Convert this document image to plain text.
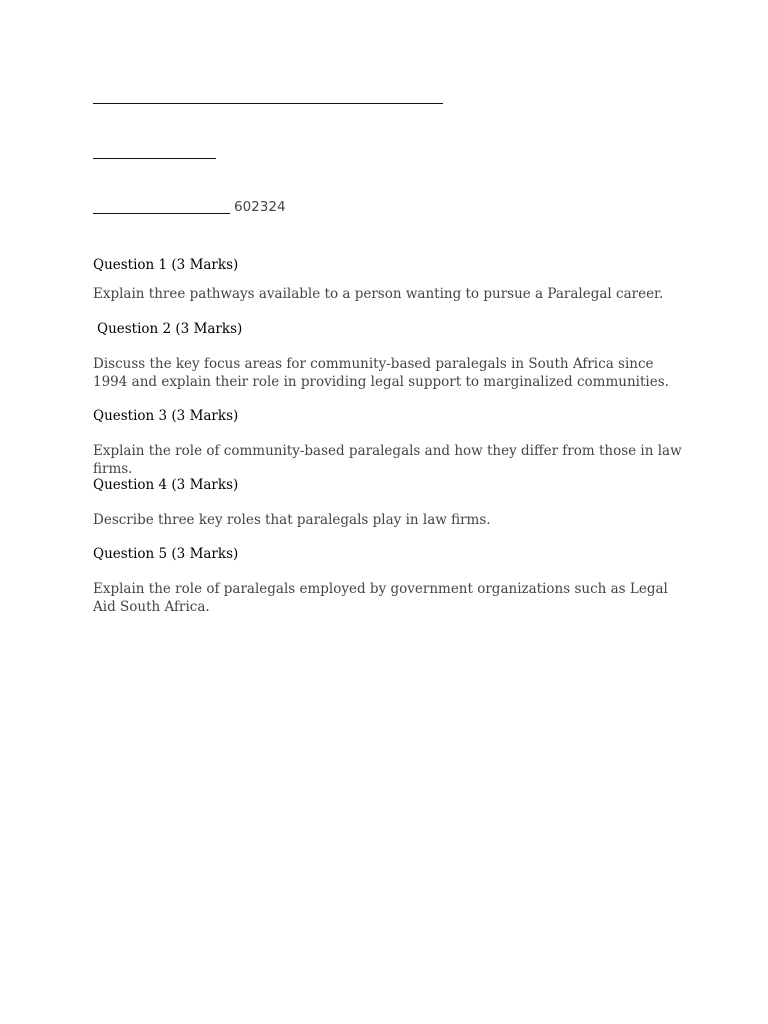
602324
Question 1 (3 Marks)
Explain three pathways available to a person wanting to pursue a Paralegal career.
Question 2 (3 Marks)
Discuss the key focus areas for community-based paralegals in South Africa since 1994 and explain their role in providing legal support to marginalized communities.
Question 3 (3 Marks)
Explain the role of community-based paralegals and how they differ from those in law firms.
Question 4 (3 Marks)
Describe three key roles that paralegals play in law firms.
Question 5 (3 Marks)
Explain the role of paralegals employed by government organizations such as Legal Aid South Africa.
